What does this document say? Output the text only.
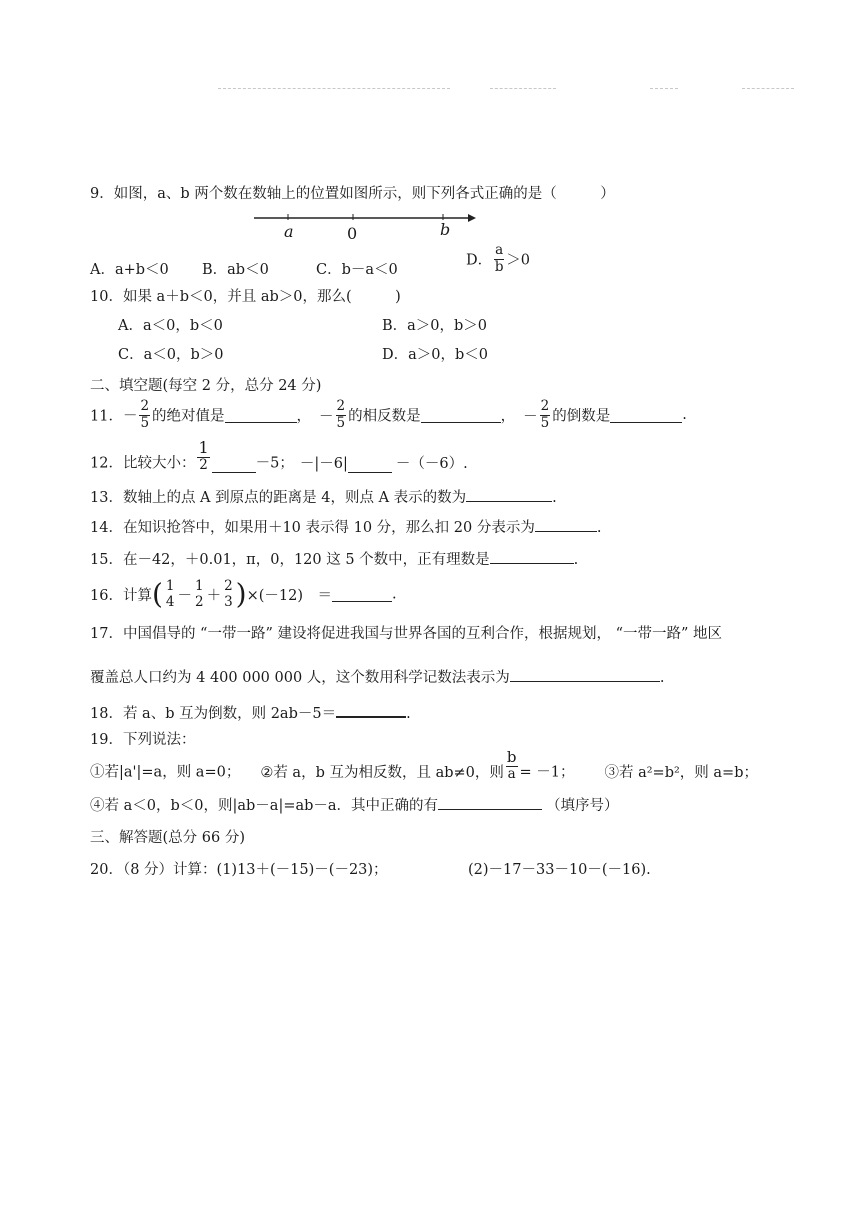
9．如图，a、b 两个数在数轴上的位置如图所示，则下列各式正确的是（　　　）
a	0	b
A．a+b＜0 B．ab＜0	C．b－a＜0
D． $\frac{a}{b} >0$
10．如果 a＋b＜0，并且 ab＞0，那么(　　　)
A．a＜0，b＜0	B．a＞0，b＞0
C．a＜0，b＞0	D．a＞0，b＜0
二、填空题(每空 2 分，总分 24 分)
11．－ $\frac{2}{5}$ 的绝对值是	， － $\frac{2}{5}$ 的相反数是	， － $\frac{2}{5}$ 的倒数是	.
12．比较大小： $\frac{1}{2}$	－5； －|－6|	－（－6）.
13．数轴上的点 A 到原点的距离是 4，则点 A 表示的数为	.
14．在知识抢答中，如果用＋10 表示得 10 分，那么扣 20 分表示为	.
15．在－42，＋0.01，π，0，120 这 5 个数中，正有理数是	.
16．计算( 1
4 －
1
2 ＋
2
3 )×(－12)　＝	.
17．中国倡导的 “一带一路” 建设将促进我国与世界各国的互利合作，根据规划， “一带一路” 地区
覆盖总人口约为 4 400 000 000 人，这个数用科学记数法表示为	.
18．若 a、b 互为倒数，则 2ab－5＝	.
19．下列说法：
①若|a'|=a，则 a=0； ②若 a，b 互为相反数，且 ab≠0，则 $\frac{b}{a} = -1$； ③若 a²=b²，则 a=b；
④若 a＜0，b＜0，则|ab－a|=ab－a．其中正确的有	（填序号）
三、解答题(总分 66 分)
20．（8 分）计算：(1)13＋(－15)－(－23)；	(2)－17－33－10－(－16).
